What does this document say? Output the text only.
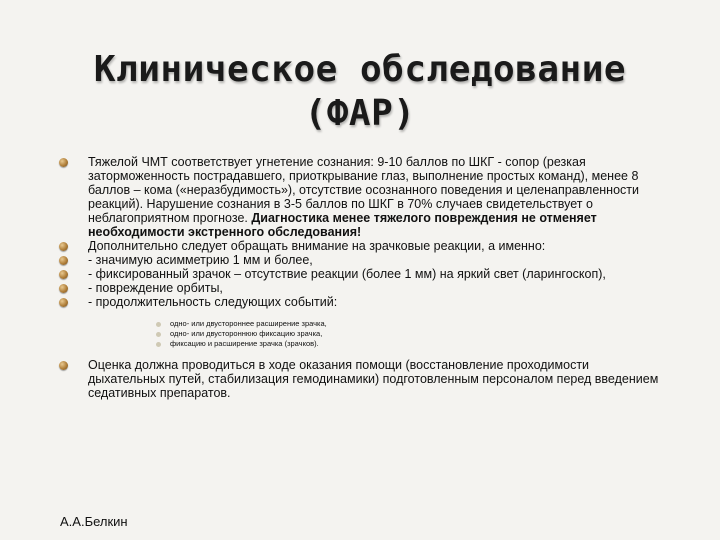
Клиническое обследование
(ФАР)
Тяжелой ЧМТ соответствует угнетение сознания: 9-10 баллов по ШКГ - сопор (резкая заторможенность пострадавшего, приоткрывание глаз, выполнение простых команд), менее 8 баллов – кома («неразбудимость»), отсутствие осознанного поведения и целенаправленности реакций). Нарушение сознания в 3-5 баллов по ШКГ в 70% случаев свидетельствует о неблагоприятном прогнозе. Диагностика менее тяжелого повреждения не отменяет необходимости экстренного обследования!
Дополнительно следует обращать внимание на зрачковые реакции, а именно:
- значимую асимметрию 1 мм и более,
- фиксированный зрачок – отсутствие реакции (более 1 мм) на яркий свет (ларингоскоп),
- повреждение орбиты,
- продолжительность следующих событий:
одно- или двустороннее расширение зрачка,
одно- или двустороннюю фиксацию зрачка,
фиксацию и расширение зрачка (зрачков).
Оценка должна проводиться в ходе оказания помощи (восстановление проходимости дыхательных путей, стабилизация гемодинамики) подготовленным персоналом перед введением седативных препаратов.
А.А.Белкин
